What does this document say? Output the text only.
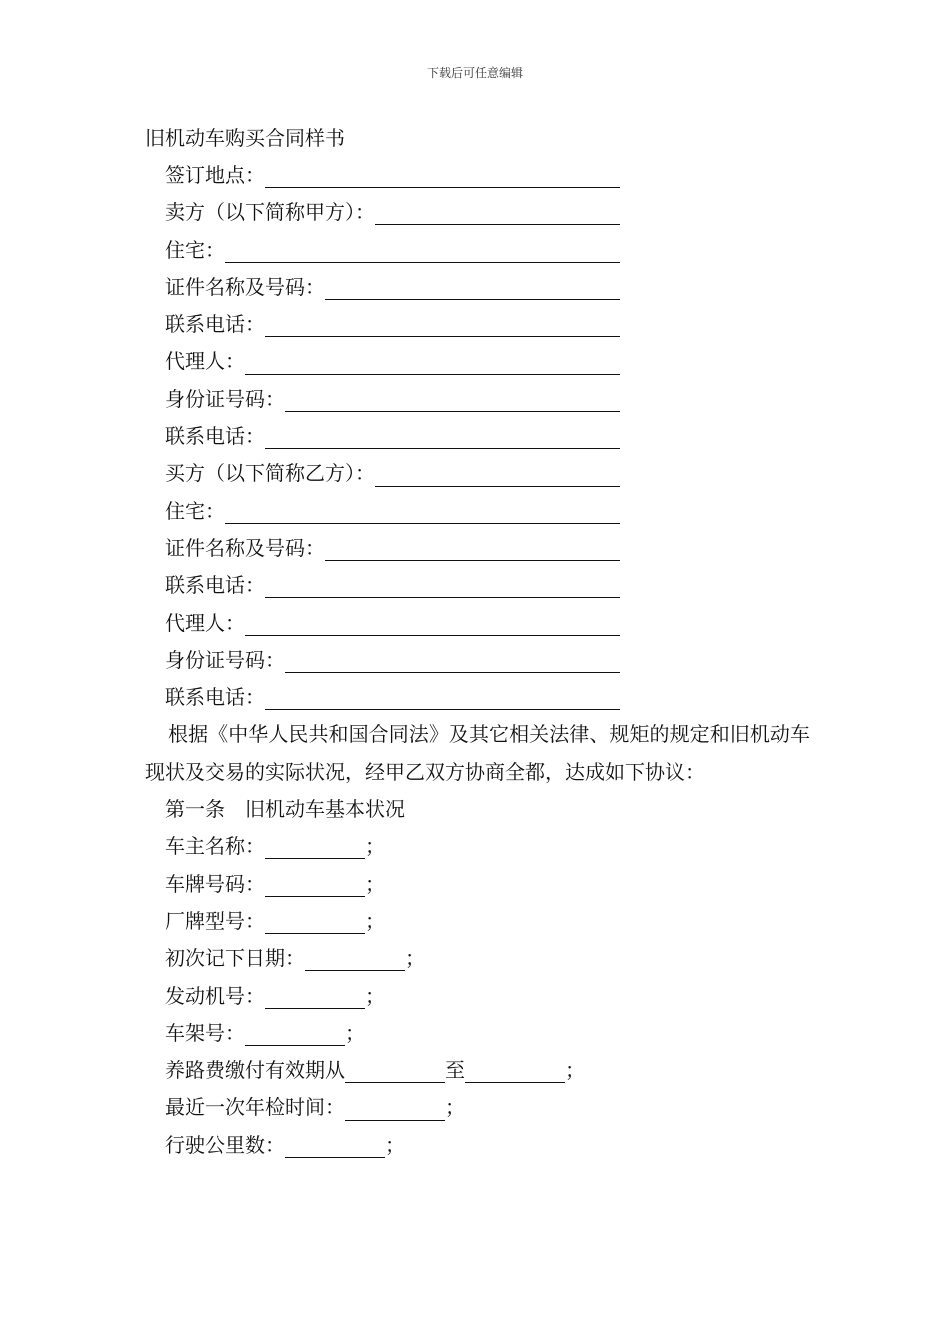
下载后可任意编辑
旧机动车购买合同样书
签订地点：
卖方（以下简称甲方）：
住宅：
证件名称及号码：
联系电话：
代理人：
身份证号码：
联系电话：
买方（以下简称乙方）：
住宅：
证件名称及号码：
联系电话：
代理人：
身份证号码：
联系电话：
根据《中华人民共和国合同法》及其它相关法律、规矩的规定和旧机动车现状及交易的实际状况，经甲乙双方协商全都，达成如下协议：
第一条　旧机动车基本状况
车主名称：	；
车牌号码：	；
厂牌型号：	；
初次记下日期：	；
发动机号：	；
车架号：	；
养路费缴付有效期从	至	；
最近一次年检时间：	；
行驶公里数：	；
